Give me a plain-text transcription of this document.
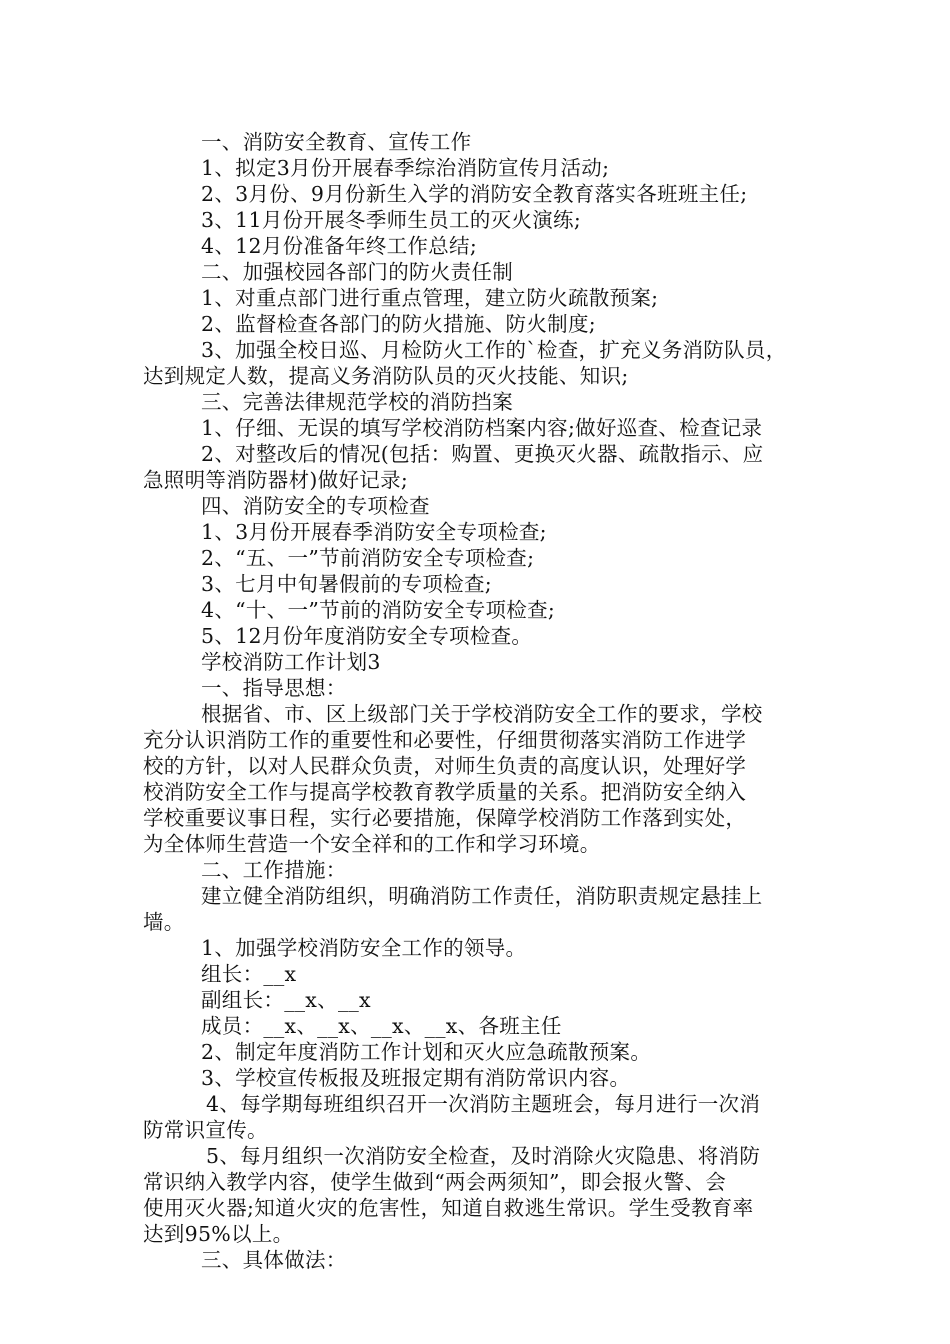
一、消防安全教育、宣传工作
1、拟定3月份开展春季综治消防宣传月活动;
2、3月份、9月份新生入学的消防安全教育落实各班班主任;
3、11月份开展冬季师生员工的灭火演练;
4、12月份准备年终工作总结;
二、加强校园各部门的防火责任制
1、对重点部门进行重点管理，建立防火疏散预案;
2、监督检查各部门的防火措施、防火制度;
3、加强全校日巡、月检防火工作的`检查，扩充义务消防队员，
达到规定人数，提高义务消防队员的灭火技能、知识;
三、完善法律规范学校的消防挡案
1、仔细、无误的填写学校消防档案内容;做好巡查、检查记录
2、对整改后的情况(包括：购置、更换灭火器、疏散指示、应
急照明等消防器材)做好记录;
四、消防安全的专项检查
1、3月份开展春季消防安全专项检查;
2、“五、一”节前消防安全专项检查;
3、七月中旬暑假前的专项检查;
4、“十、一”节前的消防安全专项检查;
5、12月份年度消防安全专项检查。
学校消防工作计划3
一、指导思想：
根据省、市、区上级部门关于学校消防安全工作的要求，学校
充分认识消防工作的重要性和必要性，仔细贯彻落实消防工作进学
校的方针，以对人民群众负责，对师生负责的高度认识，处理好学
校消防安全工作与提高学校教育教学质量的关系。把消防安全纳入
学校重要议事日程，实行必要措施，保障学校消防工作落到实处，
为全体师生营造一个安全祥和的工作和学习环境。
二、工作措施：
建立健全消防组织，明确消防工作责任，消防职责规定悬挂上
墙。
1、加强学校消防安全工作的领导。
组长：__x
副组长：__x、__x
成员：__x、__x、__x、__x、各班主任
2、制定年度消防工作计划和灭火应急疏散预案。
3、学校宣传板报及班报定期有消防常识内容。
4、每学期每班组织召开一次消防主题班会，每月进行一次消
防常识宣传。
5、每月组织一次消防安全检查，及时消除火灾隐患、将消防
常识纳入教学内容，使学生做到“两会两须知”，即会报火警、会
使用灭火器;知道火灾的危害性，知道自救逃生常识。学生受教育率
达到95%以上。
三、具体做法：
